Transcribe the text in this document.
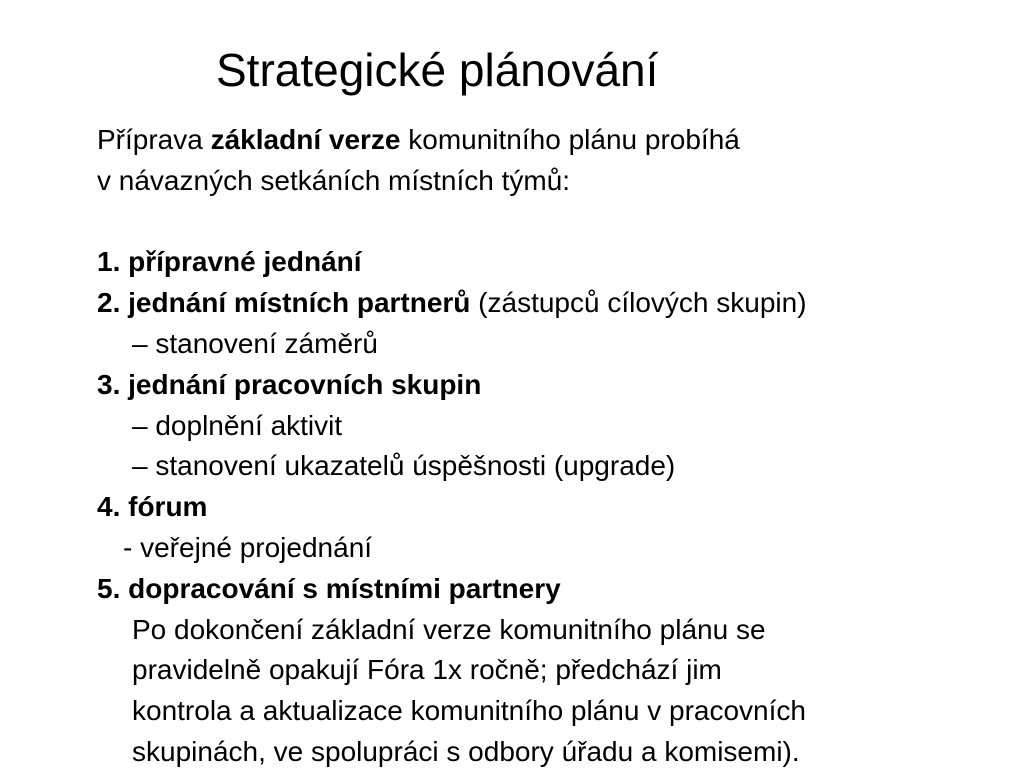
Strategické plánování
Příprava základní verze komunitního plánu probíhá
v návazných setkáních místních týmů:
1. přípravné jednání
2. jednání místních partnerů (zástupců cílových skupin)
– stanovení záměrů
3. jednání pracovních skupin
– doplnění aktivit
– stanovení ukazatelů úspěšnosti (upgrade)
4. fórum
- veřejné projednání
5. dopracování s místními partnery
Po dokončení základní verze komunitního plánu se
pravidelně opakují Fóra 1x ročně; předchází jim
kontrola a aktualizace komunitního plánu v pracovních
skupinách, ve spolupráci s odbory úřadu a komisemi).
